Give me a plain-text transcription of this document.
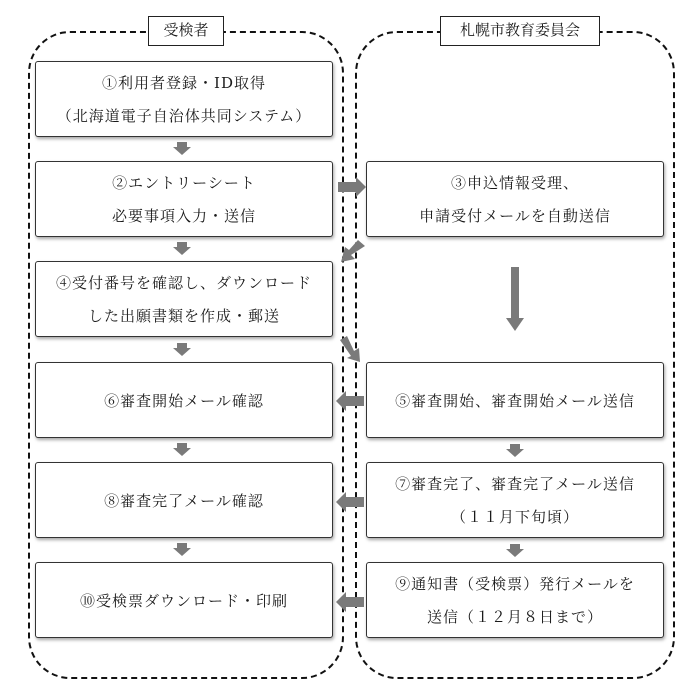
受検者	札幌市教育委員会
①利用者登録・ID取得
（北海道電子自治体共同システム）
②エントリーシート
必要事項入力・送信
④受付番号を確認し、ダウンロード
した出願書類を作成・郵送
⑥審査開始メール確認
⑧審査完了メール確認
⑩受検票ダウンロード・印刷
③申込情報受理、
申請受付メールを自動送信
⑤審査開始、審査開始メール送信
⑦審査完了、審査完了メール送信
（１１月下旬頃）
⑨通知書（受検票）発行メールを
送信（１２月８日まで）
